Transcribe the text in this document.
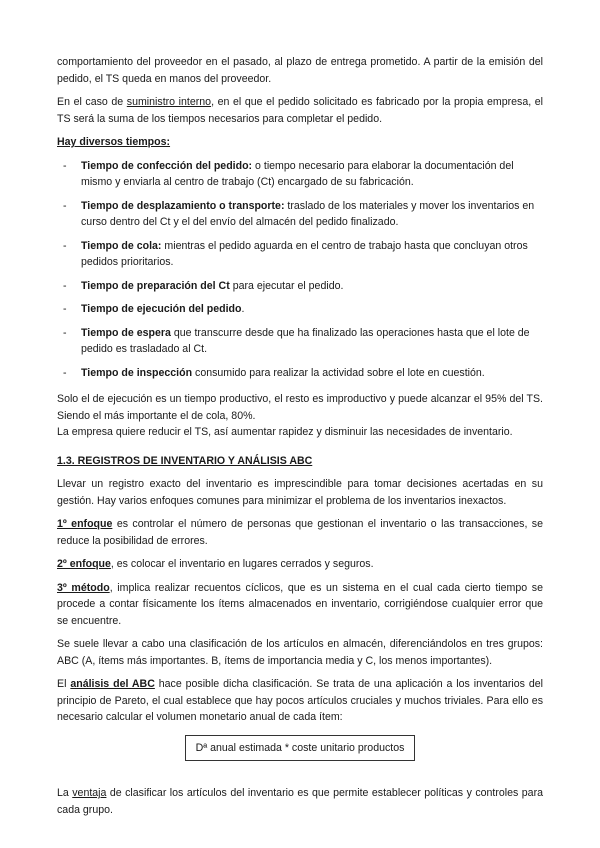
comportamiento del proveedor en el pasado, al plazo de entrega prometido. A partir de la emisión del pedido, el TS queda en manos del proveedor.

En el caso de suministro interno, en el que el pedido solicitado es fabricado por la propia empresa, el TS será la suma de los tiempos necesarios para completar el pedido.

Hay diversos tiempos:

- Tiempo de confección del pedido: o tiempo necesario para elaborar la documentación del mismo y enviarla al centro de trabajo (Ct) encargado de su fabricación.
- Tiempo de desplazamiento o transporte: traslado de los materiales y mover los inventarios en curso dentro del Ct y el del envío del almacén del pedido finalizado.
- Tiempo de cola: mientras el pedido aguarda en el centro de trabajo hasta que concluyan otros pedidos prioritarios.
- Tiempo de preparación del Ct para ejecutar el pedido.
- Tiempo de ejecución del pedido.
- Tiempo de espera que transcurre desde que ha finalizado las operaciones hasta que el lote de pedido es trasladado al Ct.
- Tiempo de inspección consumido para realizar la actividad sobre el lote en cuestión.

Solo el de ejecución es un tiempo productivo, el resto es improductivo y puede alcanzar el 95% del TS. Siendo el más importante el de cola, 80%.

La empresa quiere reducir el TS, así aumentar rapidez y disminuir las necesidades de inventario.

1.3. REGISTROS DE INVENTARIO Y ANÁLISIS ABC

Llevar un registro exacto del inventario es imprescindible para tomar decisiones acertadas en su gestión. Hay varios enfoques comunes para minimizar el problema de los inventarios inexactos.

1º enfoque es controlar el número de personas que gestionan el inventario o las transacciones, se reduce la posibilidad de errores.

2º enfoque, es colocar el inventario en lugares cerrados y seguros.

3º método, implica realizar recuentos cíclicos, que es un sistema en el cual cada cierto tiempo se procede a contar físicamente los ítems almacenados en inventario, corrigiéndose cualquier error que se encuentre.

Se suele llevar a cabo una clasificación de los artículos en almacén, diferenciándolos en tres grupos: ABC (A, ítems más importantes. B, ítems de importancia media y C, los menos importantes).

El análisis del ABC hace posible dicha clasificación. Se trata de una aplicación a los inventarios del principio de Pareto, el cual establece que hay pocos artículos cruciales y muchos triviales. Para ello es necesario calcular el volumen monetario anual de cada ítem:

Dª anual estimada * coste unitario productos

La ventaja de clasificar los artículos del inventario es que permite establecer políticas y controles para cada grupo.
